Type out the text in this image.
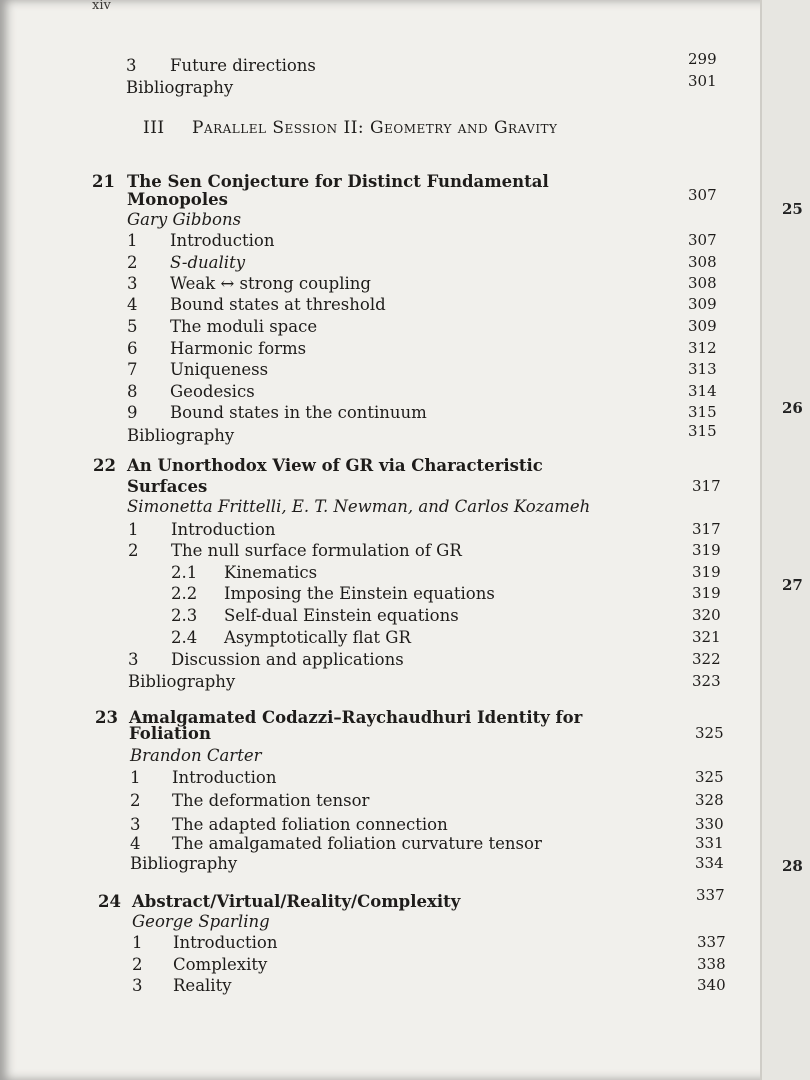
xiv
3 Future directions	299
Bibliography	301
III Parallel Session II: Geometry and Gravity
21 The Sen Conjecture for Distinct Fundamental
Monopoles	307
Gary Gibbons
1 Introduction	307
2 S-duality	308
3 Weak ↔ strong coupling	308
4 Bound states at threshold	309
5 The moduli space	309
6 Harmonic forms	312
7 Uniqueness	313
8 Geodesics	314
9 Bound states in the continuum	315
Bibliography	315
22 An Unorthodox View of GR via Characteristic
Surfaces	317
Simonetta Frittelli, E. T. Newman, and Carlos Kozameh
1 Introduction	317
2 The null surface formulation of GR	319
2.1 Kinematics	319
2.2 Imposing the Einstein equations	319
2.3 Self-dual Einstein equations	320
2.4 Asymptotically flat GR	321
3 Discussion and applications	322
Bibliography	323
23 Amalgamated Codazzi–Raychaudhuri Identity for
Foliation	325
Brandon Carter
1 Introduction	325
2 The deformation tensor	328
3 The adapted foliation connection	330
4 The amalgamated foliation curvature tensor	331
Bibliography	334
24 Abstract/Virtual/Reality/Complexity	337
George Sparling
1 Introduction	337
2 Complexity	338
3 Reality	340
25
26
27
28
